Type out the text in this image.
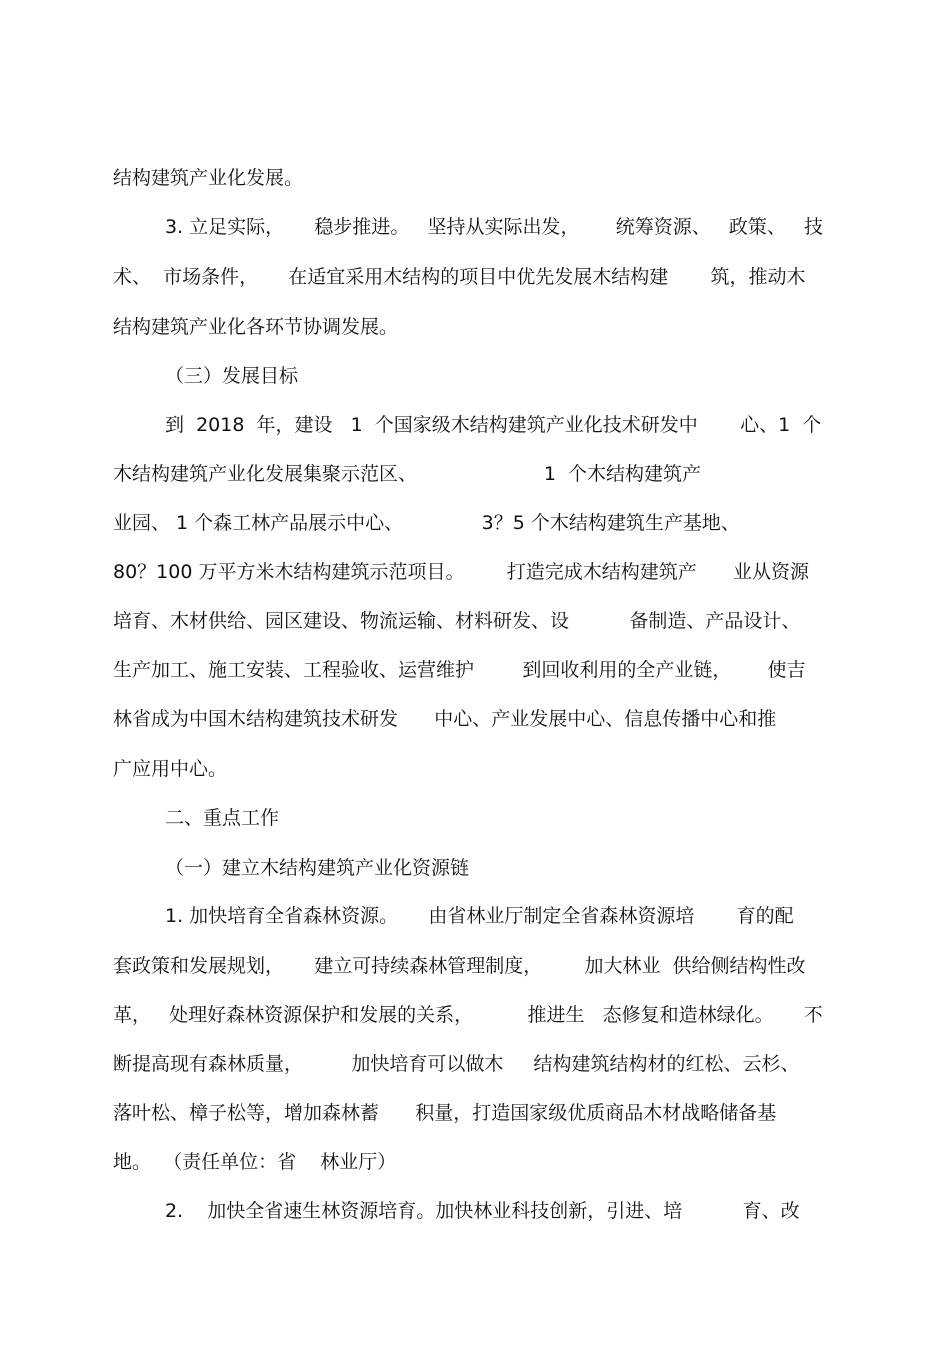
结构建筑产业化发展。
3. 立足实际，     稳步推进。   坚持从实际出发，      统筹资源、   政策、   技
术、  市场条件，     在适宜采用木结构的项目中优先发展木结构建       筑，推动木
结构建筑产业化各环节协调发展。
（三）发展目标
到  2018  年，建设   1  个国家级木结构建筑产业化技术研发中       心、1  个
木结构建筑产业化发展集聚示范区、                     1  个木结构建筑产
业园、 1 个森工林产品展示中心、             3？5 个木结构建筑生产基地、
80？100 万平方米木结构建筑示范项目。       打造完成木结构建筑产      业从资源
培育、木材供给、园区建设、物流运输、材料研发、设          备制造、产品设计、
生产加工、施工安装、工程验收、运营维护        到回收利用的全产业链，      使吉
林省成为中国木结构建筑技术研发      中心、产业发展中心、信息传播中心和推
广应用中心。
二、重点工作
（一）建立木结构建筑产业化资源链
1. 加快培育全省森林资源。     由省林业厅制定全省森林资源培       育的配
套政策和发展规划，     建立可持续森林管理制度，       加大林业  供给侧结构性改
革，   处理好森林资源保护和发展的关系，         推进生   态修复和造林绿化。     不
断提高现有森林质量，        加快培育可以做木     结构建筑结构材的红松、云杉、
落叶松、樟子松等，增加森林蓄      积量，打造国家级优质商品木材战略储备基
地。  （责任单位：省    林业厅）
2.    加快全省速生林资源培育。加快林业科技创新，引进、培          育、改
